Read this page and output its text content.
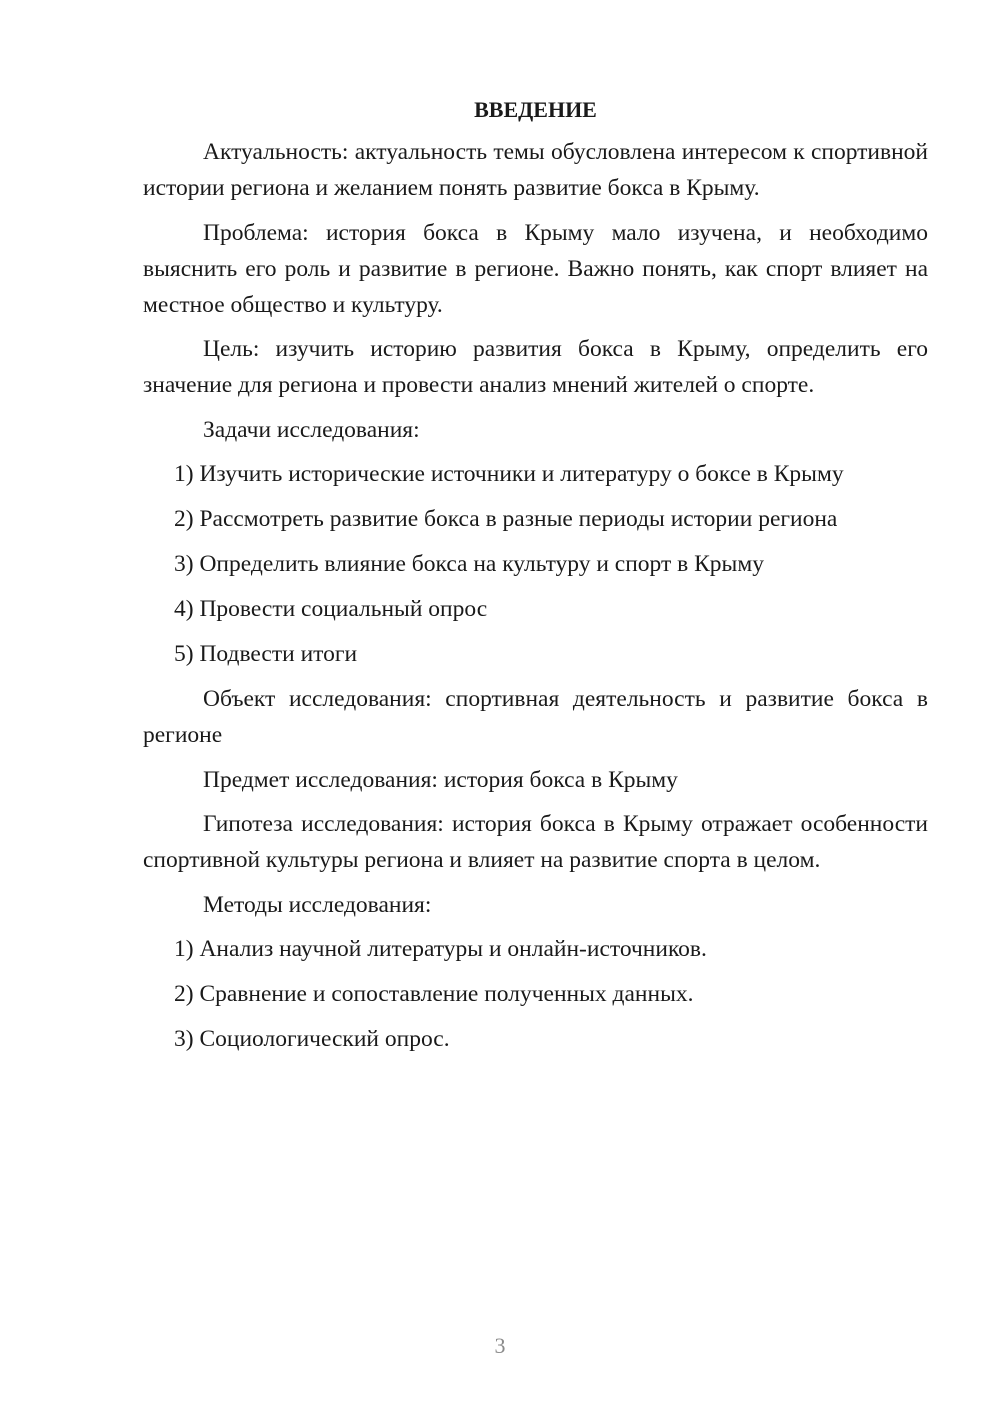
ВВЕДЕНИЕ

Актуальность: актуальность темы обусловлена интересом к спортивной истории региона и желанием понять развитие бокса в Крыму.

Проблема: история бокса в Крыму мало изучена, и необходимо выяснить его роль и развитие в регионе. Важно понять, как спорт влияет на местное общество и культуру.

Цель: изучить историю развития бокса в Крыму, определить его значение для региона и провести анализ мнений жителей о спорте.

Задачи исследования:

1) Изучить исторические источники и литературу о боксе в Крыму
2) Рассмотреть развитие бокса в разные периоды истории региона
3) Определить влияние бокса на культуру и спорт в Крыму
4) Провести социальный опрос
5) Подвести итоги

Объект исследования: спортивная деятельность и развитие бокса в регионе

Предмет исследования: история бокса в Крыму

Гипотеза исследования: история бокса в Крыму отражает особенности спортивной культуры региона и влияет на развитие спорта в целом.

Методы исследования:

1) Анализ научной литературы и онлайн-источников.
2) Сравнение и сопоставление полученных данных.
3) Социологический опрос.
3
